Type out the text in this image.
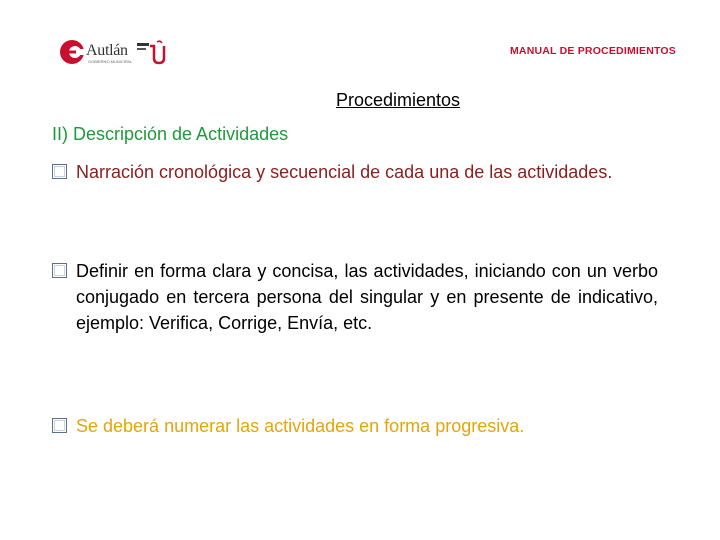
Autlán
GOBIERNO MUNICIPAL
MANUAL DE PROCEDIMIENTOS
Procedimientos
II) Descripción de Actividades
Narración cronológica y secuencial de cada una de las actividades.
Definir en forma clara y concisa, las actividades, iniciando con un verbo conjugado en tercera persona del singular y en presente de indicativo, ejemplo: Verifica, Corrige, Envía, etc.
Se deberá numerar las actividades en forma progresiva.
